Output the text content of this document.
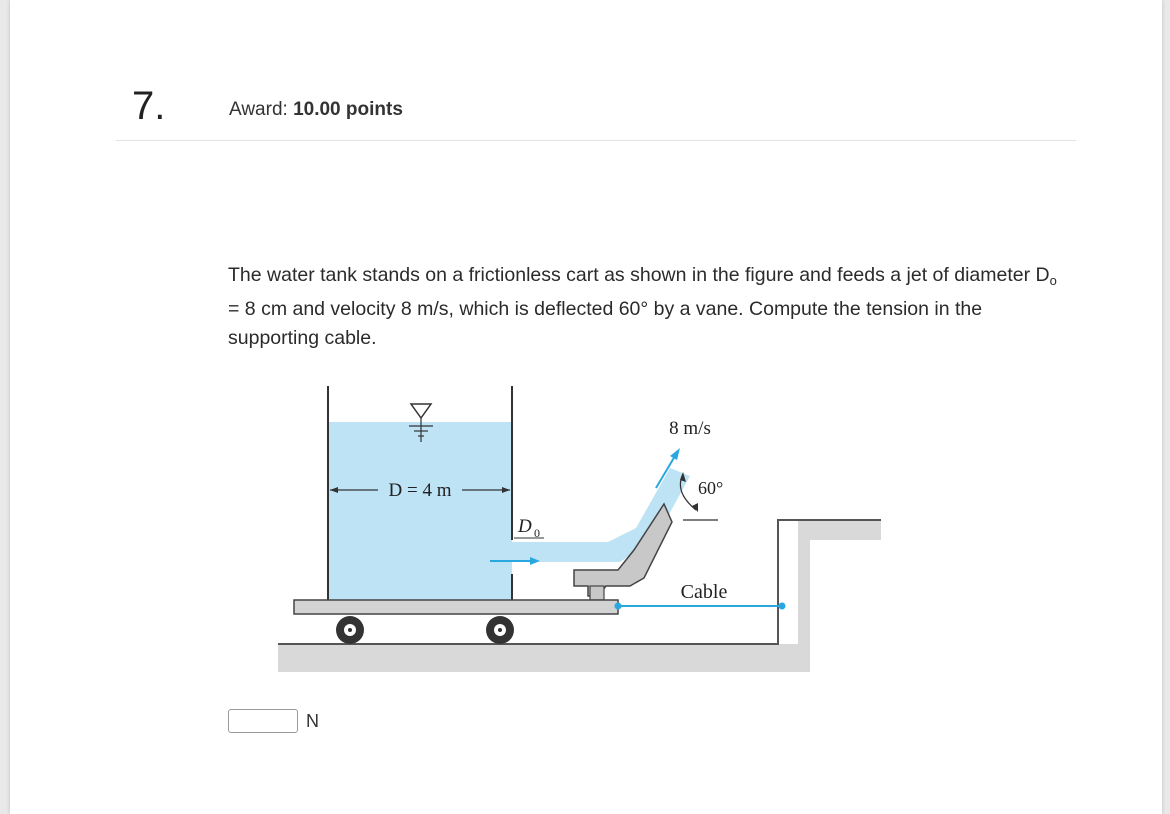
7.	Award: 10.00 points
The water tank stands on a frictionless cart as shown in the figure and feeds a jet of diameter $D_o = 8$ cm and velocity 8 m/s, which is deflected 60° by a vane. Compute the tension in the supporting cable.
D = 4 m
D 0
8 m/s
60°
Cable
N
